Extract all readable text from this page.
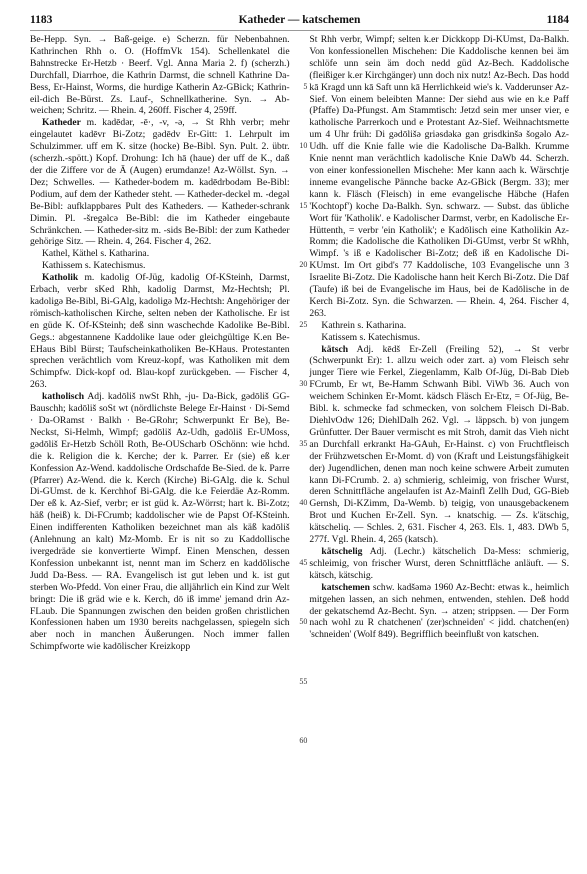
1183	Katheder — katschemen	1184

Be-Hepp. Syn. → Baß-geige. e) Scherzn. für Nebenbahnen. Kathrinchen Rhh o. O. (HoffmVk 154). Schellenkatel die Bahnstrecke Er-Hetzb · Beerf. Vgl. Anna Maria 2. f) (scherzh.) Durchfall, Diarrhoe, die Kathrin Darmst, die schnell Kathrine Da-Bess, Er-Hainst, Worms, die hurdige Katherin Az-GBick; Kathrin-eil-dich Be-Bürst. Zs. Lauf-, Schnellkatherine. Syn. → Ab-weichen; Schritz. — Rhein. 4, 260ff. Fischer 4, 259ff.

Katheder m. kadēdər, -ē·, -v, -ə, → St Rhh verbr; mehr eingelautet kadēvr Bi-Zotz; gədēdv Er-Gitt: 1. Lehrpult im Schulzimmer. uff em K. sitze (hocke) Be-Bibl. Syn. Pult. 2. übtr. (scherzh.-spött.) Kopf. Drohung: Ich hā (haue) der uff de K., daß der die Ziffere vor de Ā (Augen) erumdanze! Az-Wöllst. Syn. → Dez; Schwelles. — Katheder-bodem m. kadēdrbodəm Be-Bibl: Podium, auf dem der Katheder steht. — Katheder-deckel m. -degəl Be-Bibl: aufklappbares Pult des Katheders. — Katheder-schrank Dimin. Pl. -šregəlcə Be-Bibl: die im Katheder eingebaute Schränkchen. — Katheder-sitz m. -sids Be-Bibl: der zum Katheder gehörige Sitz. — Rhein. 4, 264. Fischer 4, 262.

Kathel, Käthel s. Katharina.

Kathissem s. Katechismus.

Katholik m. kadolig Of-Jüg, kadolig Of-KSteinh, Darmst, Erbach, verbr sKed Rhh, kadolig Darmst, Mz-Hechtsh; Pl. kadoligə Be-Bibl, Bi-GAlg, kadoligə Mz-Hechtsh: Angehöriger der römisch-katholischen Kirche, selten neben der Katholische. Er ist en güde K. Of-KSteinh; deß sinn waschechde Kadolike Be-Bibl. Gegs.: abgestannene Kaddolike laue oder gleichgültige K.en Be-EHaus Bibl Bürst; Taufscheinkatholiken Be-KHaus. Protestanten sprechen verächtlich vom Kreuz-kopf, was Katholiken mit dem Schimpfw. Dick-kopf od. Blau-kopf zurückgeben. — Fischer 4, 263.

katholisch Adj. kadōliš nwSt Rhh, -ju- Da-Bick, gədōliš GG-Bauschh; kadōliš soSt wt (nördlichste Belege Er-Hainst · Di-Semd · Da-ORamst · Balkh · Be-GRohr; Schwerpunkt Er Be), Be-Neckst, Si-Helmh, Wimpf; gədōliš Az-Udh, gədōliš Er-UMoss, gədōliš Er-Hetzb Schöll Roth, Be-OUScharb OSchönn: wie hchd. die k. Religion die k. Kerche; der k. Parrer. Er (sie) eß k.er Konfession Az-Wend. kaddolische Ordschafde Be-Sied. de k. Parre (Pfarrer) Az-Wend. die k. Kerch (Kirche) Bi-GAlg. die k. Schul Di-GUmst. de k. Kerchhof Bi-GAlg. die k.e Feierdäe Az-Romm. Der eß k. Az-Sief, verbr; er ist güd k. Az-Wörrst; hart k. Bi-Zotz; häß (heiß) k. Di-FCrumb; kaddolischer wie de Papst Of-KSteinh. Einen indifferenten Katholiken bezeichnet man als käß kadōliš (Anlehnung an kalt) Mz-Momb. Er is nit so zu Kaddollische ivergedräde sie konvertierte Wimpf. Einen Menschen, dessen Konfession unbekannt ist, nennt man im Scherz en kaddōlische Judd Da-Bess. — RA. Evangelisch ist gut leben und k. ist gut sterben Wo-Pfedd. Von einer Frau, die alljährlich ein Kind zur Welt bringt: Die iß gräd wie e k. Kerch, dō iß imme' jemand drin Az-FLaub. Die Spannungen zwischen den beiden großen christlichen Konfessionen haben um 1930 bereits nachgelassen, spiegeln sich aber noch in manchen Äußerungen. Noch immer fallen Schimpfworte wie kadōlischer Kreizkopp

5
10
15
20
25
30
35
40
45
50
55
60

St Rhh verbr, Wimpf; selten k.er Dickkopp Di-KUmst, Da-Balkh. Von konfessionellen Mischehen: Die Kaddolische kennen bei äm schlöfe unn sein äm doch nedd güd Az-Bech. Kaddolische (fleißiger k.er Kirchgänger) unn doch nix nutz! Az-Bech. Das hodd kā Kragd unn kā Saft unn kā Herrlichkeid wie's k. Vadderunser Az-Sief. Von einem beleibten Manne: Der siehd aus wie en k.e Paff (Pfaffe) Da-Pfungst. Am Stammtisch: Jetzd sein mer unser vier, e katholische Parrerkoch und e Protestant Az-Sief. Weihnachtsmette um 4 Uhr früh: Di gədōlišə griəsdəkə gən grisdkinšə šogəlo Az-Udh. uff die Knie falle wie die Kadolische Da-Balkh. Krumme Knie nennt man verächtlich kadolische Knie DaWb 44. Scherzh. von einer konfessionellen Mischehe: Mer kann aach k. Wärschtje inneme evangelische Pännche backe Az-GBick (Bergm. 33); mer kann k. Fläsch (Fleisch) in eme evangelische Häbche (Hafen 'Kochtopf') koche Da-Balkh. Syn. schwarz. — Subst. das übliche Wort für 'Katholik'. e Kadolischer Darmst, verbr, en Kadolische Er-Hüttenth, = verbr 'ein Katholik'; e Kadōlisch eine Katholikin Az-Romm; die Kadolische die Katholiken Di-GUmst, verbr St wRhh, Wimpf. 's iß e Kadolischer Bi-Zotz; deß iß en Kadolische Di-KUmst. Im Ort gibd's 77 Kaddolische, 103 Evangelische unn 3 Israelite Bi-Zotz. Die Kadolische hann heit Kerch Bi-Zotz. Die Dāf (Taufe) iß bei de Evangelische im Haus, bei de Kadōlische in de Kerch Bi-Zotz. Syn. die Schwarzen. — Rhein. 4, 264. Fischer 4, 263.

Kathrein s. Katharina.

Katissem s. Katechismus.

kätsch Adj. kēdš Er-Zell (Freiling 52), → St verbr (Schwerpunkt Er): 1. allzu weich oder zart. a) vom Fleisch sehr junger Tiere wie Ferkel, Ziegenlamm, Kalb Of-Jüg, Di-Bab Dieb FCrumb, Er wt, Be-Hamm Schwanh Bibl. ViWb 36. Auch von weichem Schinken Er-Momt. kädsch Fläsch Er-Etz, = Of-Jüg, Be-Bibl. k. schmecke fad schmecken, von solchem Fleisch Di-Bab. DiehlvOdw 126; DiehlDalh 262. Vgl. → läppsch. b) von jungem Grünfutter. Der Bauer vermischt es mit Stroh, damit das Vieh nicht an Durchfall erkrankt Ha-GAuh, Er-Hainst. c) von Fruchtfleisch der Frühzwetschen Er-Momt. d) von (Kraft und Leistungsfähigkeit der) Jugendlichen, denen man noch keine schwere Arbeit zumuten kann Di-FCrumb. 2. a) schmierig, schleimig, von frischer Wurst, deren Schnittfläche angelaufen ist Az-Mainfl Zellh Dud, GG-Bieb Gernsh, Di-KZimm, Da-Wemb. b) teigig, von unausgebackenem Brot und Kuchen Er-Zell. Syn. → knatschig. — Zs. k'ätschig, kätscheliq. — Schles. 2, 631. Fischer 4, 263. Els. 1, 483. DWb 5, 277f. Vgl. Rhein. 4, 265 (katsch).

kätschelig Adj. (Lechr.) kätschelich Da-Mess: schmierig, schleimig, von frischer Wurst, deren Schnittfläche anläuft. — S. kätsch, kätschig.

katschemen schw. kadšəmə 1960 Az-Becht: etwas k., heimlich mitgehen lassen, an sich nehmen, entwenden, stehlen. Deß hodd der gekatschemd Az-Becht. Syn. → atzen; strippsen. — Der Form nach wohl zu R chatchenen' (zer)schneiden' < jidd. chatchen(en) 'schneiden' (Wolf 849). Begrifflich beeinflußt von katschen.
